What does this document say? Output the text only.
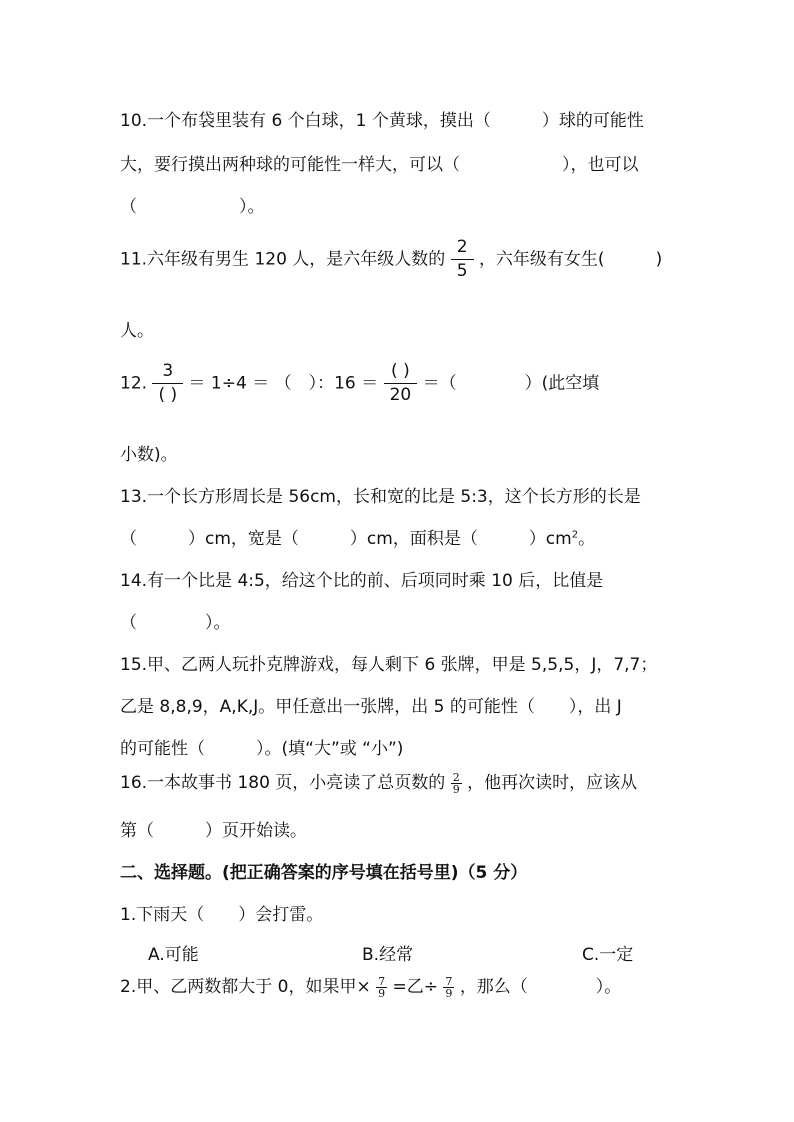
10.一个布袋里装有 6 个白球，1 个黄球，摸出（　　　）球的可能性
大，要行摸出两种球的可能性一样大，可以（　　　　　　），也可以
（　　　　　　）。
11.六年级有男生 120 人，是六年级人数的 $\frac{2}{5}$ ，六年级有女生(　　　)
人。
12.
3
( )
＝ 1÷4 ＝ （　）：16 ＝
( )
20
＝（　　　　）(此空填
小数)。
13.一个长方形周长是 56cm，长和宽的比是 5:3，这个长方形的长是
（　　　）cm，宽是（　　　）cm，面积是（　　　）$cm^2$。
14.有一个比是 4:5，给这个比的前、后项同时乘 10 后，比值是
（　　　　）。
15.甲、乙两人玩扑克牌游戏，每人剩下 6 张牌，甲是 5,5,5，J，7,7；
乙是 8,8,9，A,K,J。甲任意出一张牌，出 5 的可能性（　　），出 J
的可能性（　　　）。(填“大”或 “小”)
16.一本故事书 180 页，小亮读了总页数的 $\frac{2}{9}$ ，他再次读时，应该从
第（　　　）页开始读。
二、选择题。(把正确答案的序号填在括号里)（5 分）
1.下雨天（　　）会打雷。
A.可能	B.经常	C.一定
2.甲、乙两数都大于 0，如果甲× $\frac{7}{9}$ =乙÷ $\frac{7}{9}$ ，那么（　　　　）。
